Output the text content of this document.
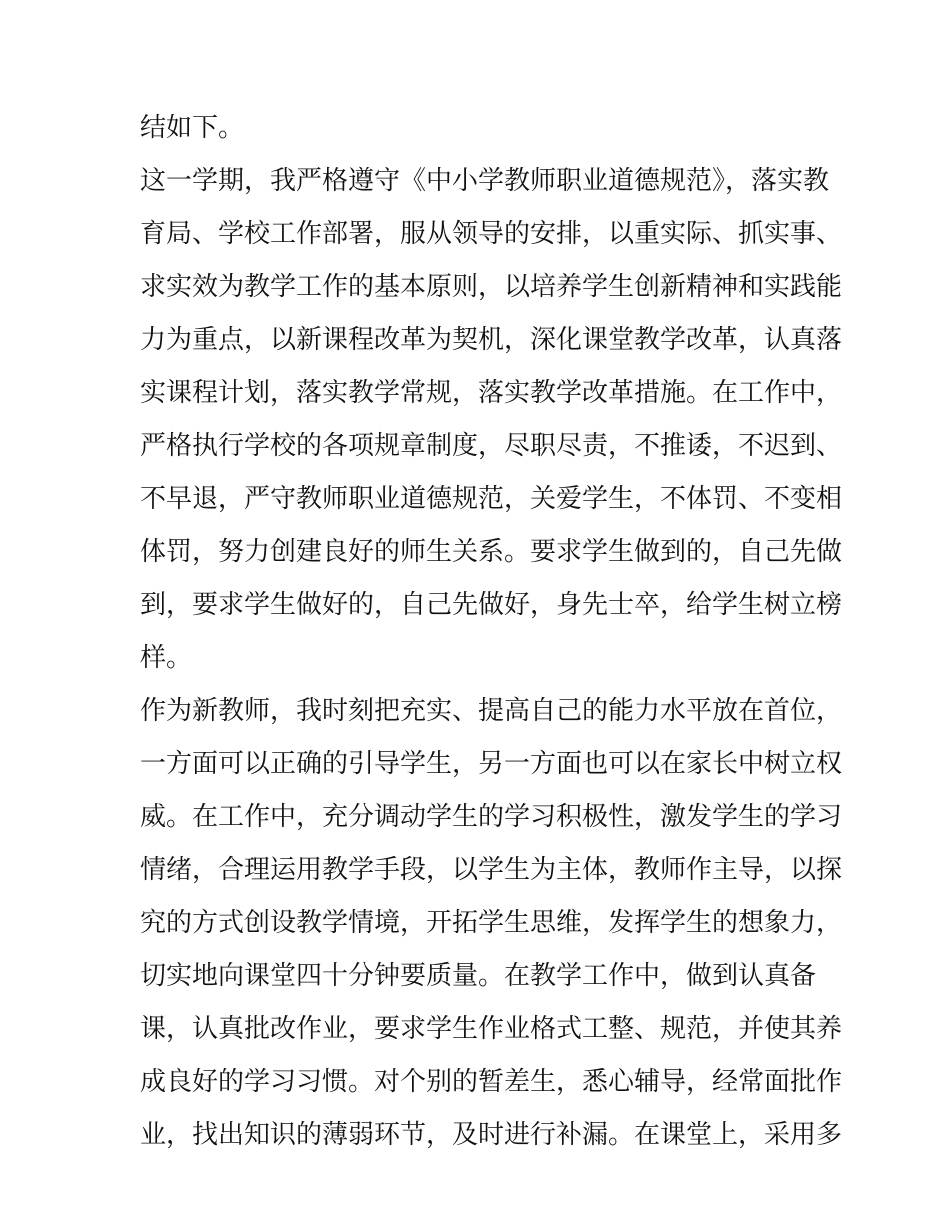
结如下。
这一学期，我严格遵守《中小学教师职业道德规范》，落实教
育局、学校工作部署，服从领导的安排，以重实际、抓实事、
求实效为教学工作的基本原则，以培养学生创新精神和实践能
力为重点，以新课程改革为契机，深化课堂教学改革，认真落
实课程计划，落实教学常规，落实教学改革措施。在工作中，
严格执行学校的各项规章制度，尽职尽责，不推诿，不迟到、
不早退，严守教师职业道德规范，关爱学生，不体罚、不变相
体罚，努力创建良好的师生关系。要求学生做到的，自己先做
到，要求学生做好的，自己先做好，身先士卒，给学生树立榜
样。
作为新教师，我时刻把充实、提高自己的能力水平放在首位，
一方面可以正确的引导学生，另一方面也可以在家长中树立权
威。在工作中，充分调动学生的学习积极性，激发学生的学习
情绪，合理运用教学手段，以学生为主体，教师作主导，以探
究的方式创设教学情境，开拓学生思维，发挥学生的想象力，
切实地向课堂四十分钟要质量。在教学工作中，做到认真备
课，认真批改作业，要求学生作业格式工整、规范，并使其养
成良好的学习习惯。对个别的暂差生，悉心辅导，经常面批作
业，找出知识的薄弱环节，及时进行补漏。在课堂上，采用多
